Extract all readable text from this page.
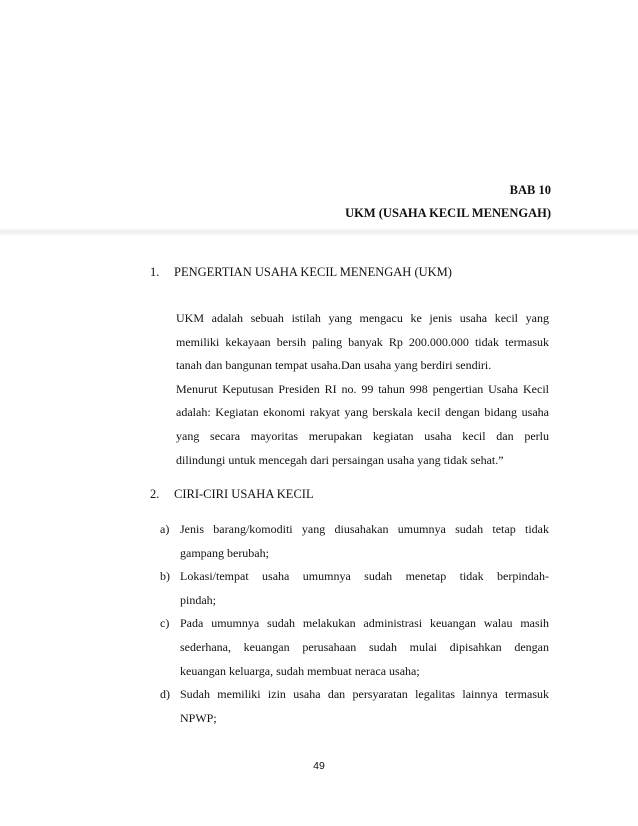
BAB 10
UKM (USAHA KECIL MENENGAH)
1. PENGERTIAN USAHA KECIL MENENGAH (UKM)
UKM adalah sebuah istilah yang mengacu ke jenis usaha kecil yang
memiliki kekayaan bersih paling banyak Rp 200.000.000 tidak termasuk
tanah dan bangunan tempat usaha.Dan usaha yang berdiri sendiri.
Menurut Keputusan Presiden RI no. 99 tahun 998 pengertian Usaha Kecil
adalah: Kegiatan ekonomi rakyat yang berskala kecil dengan bidang usaha
yang secara mayoritas merupakan kegiatan usaha kecil dan perlu
dilindungi untuk mencegah dari persaingan usaha yang tidak sehat.”
2. CIRI-CIRI USAHA KECIL
a) Jenis barang/komoditi yang diusahakan umumnya sudah tetap tidak
gampang berubah;
b) Lokasi/tempat usaha umumnya sudah menetap tidak berpindah-
pindah;
c) Pada umumnya sudah melakukan administrasi keuangan walau masih
sederhana, keuangan perusahaan sudah mulai dipisahkan dengan
keuangan keluarga, sudah membuat neraca usaha;
d) Sudah memiliki izin usaha dan persyaratan legalitas lainnya termasuk
NPWP;
49
